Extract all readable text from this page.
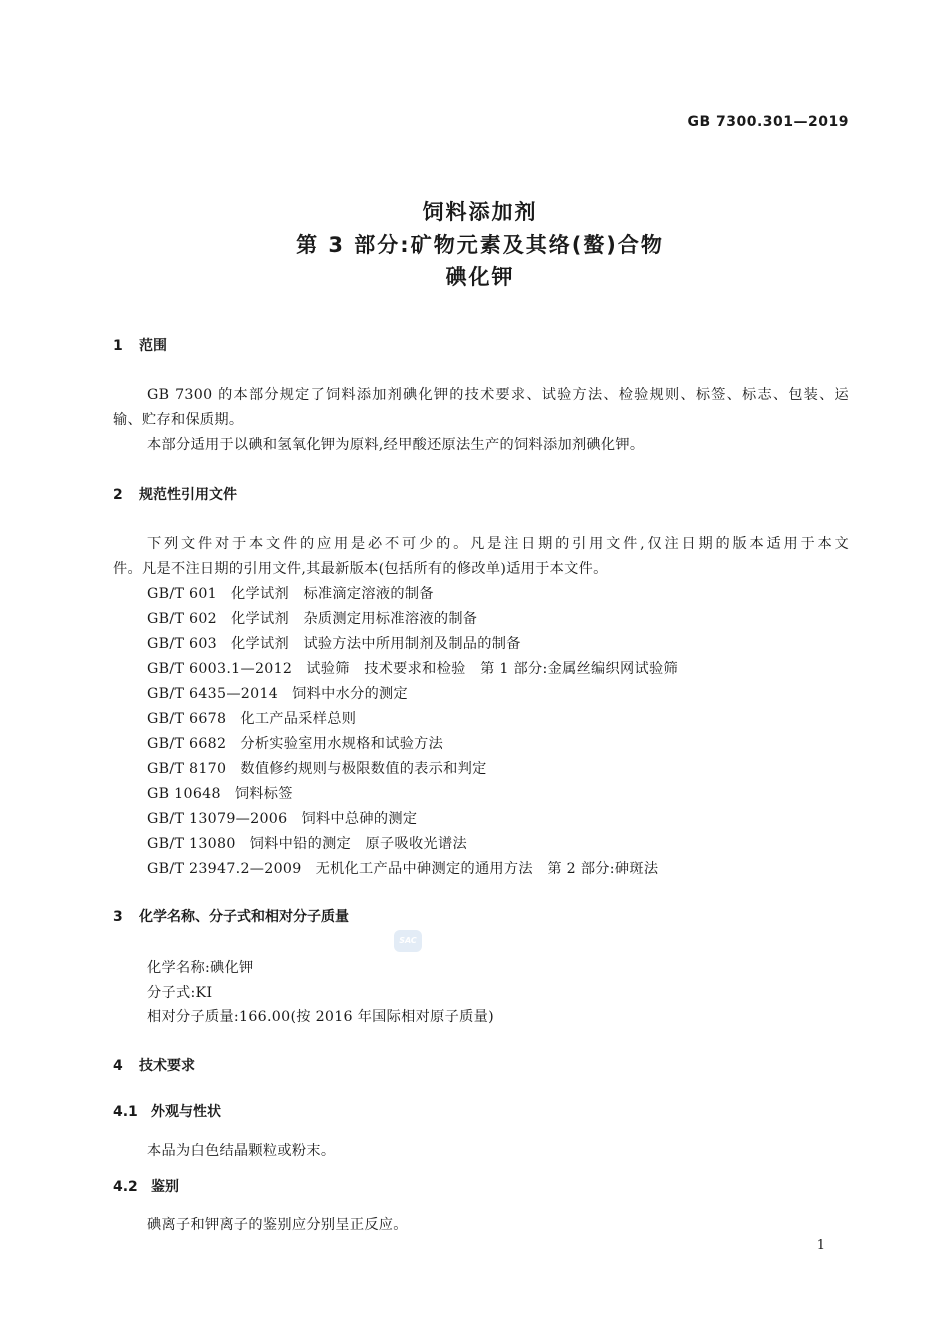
GB 7300.301—2019
饲料添加剂
第 3 部分:矿物元素及其络(螯)合物
碘化钾
1 范围
GB 7300 的本部分规定了饲料添加剂碘化钾的技术要求、试验方法、检验规则、标签、标志、包装、运
输、贮存和保质期。
本部分适用于以碘和氢氧化钾为原料,经甲酸还原法生产的饲料添加剂碘化钾。
2 规范性引用文件
下列文件对于本文件的应用是必不可少的。凡是注日期的引用文件,仅注日期的版本适用于本文
件。凡是不注日期的引用文件,其最新版本(包括所有的修改单)适用于本文件。
GB/T 601 化学试剂　标准滴定溶液的制备
GB/T 602 化学试剂　杂质测定用标准溶液的制备
GB/T 603 化学试剂　试验方法中所用制剂及制品的制备
GB/T 6003.1—2012 试验筛　技术要求和检验　第 1 部分:金属丝编织网试验筛
GB/T 6435—2014 饲料中水分的测定
GB/T 6678 化工产品采样总则
GB/T 6682 分析实验室用水规格和试验方法
GB/T 8170 数值修约规则与极限数值的表示和判定
GB 10648 饲料标签
GB/T 13079—2006 饲料中总砷的测定
GB/T 13080 饲料中铅的测定　原子吸收光谱法
GB/T 23947.2—2009 无机化工产品中砷测定的通用方法　第 2 部分:砷斑法
3 化学名称、分子式和相对分子质量
SAC
化学名称:碘化钾
分子式:KI
相对分子质量:166.00(按 2016 年国际相对原子质量)
4 技术要求
4.1 外观与性状
本品为白色结晶颗粒或粉末。
4.2 鉴别
碘离子和钾离子的鉴别应分别呈正反应。
1
